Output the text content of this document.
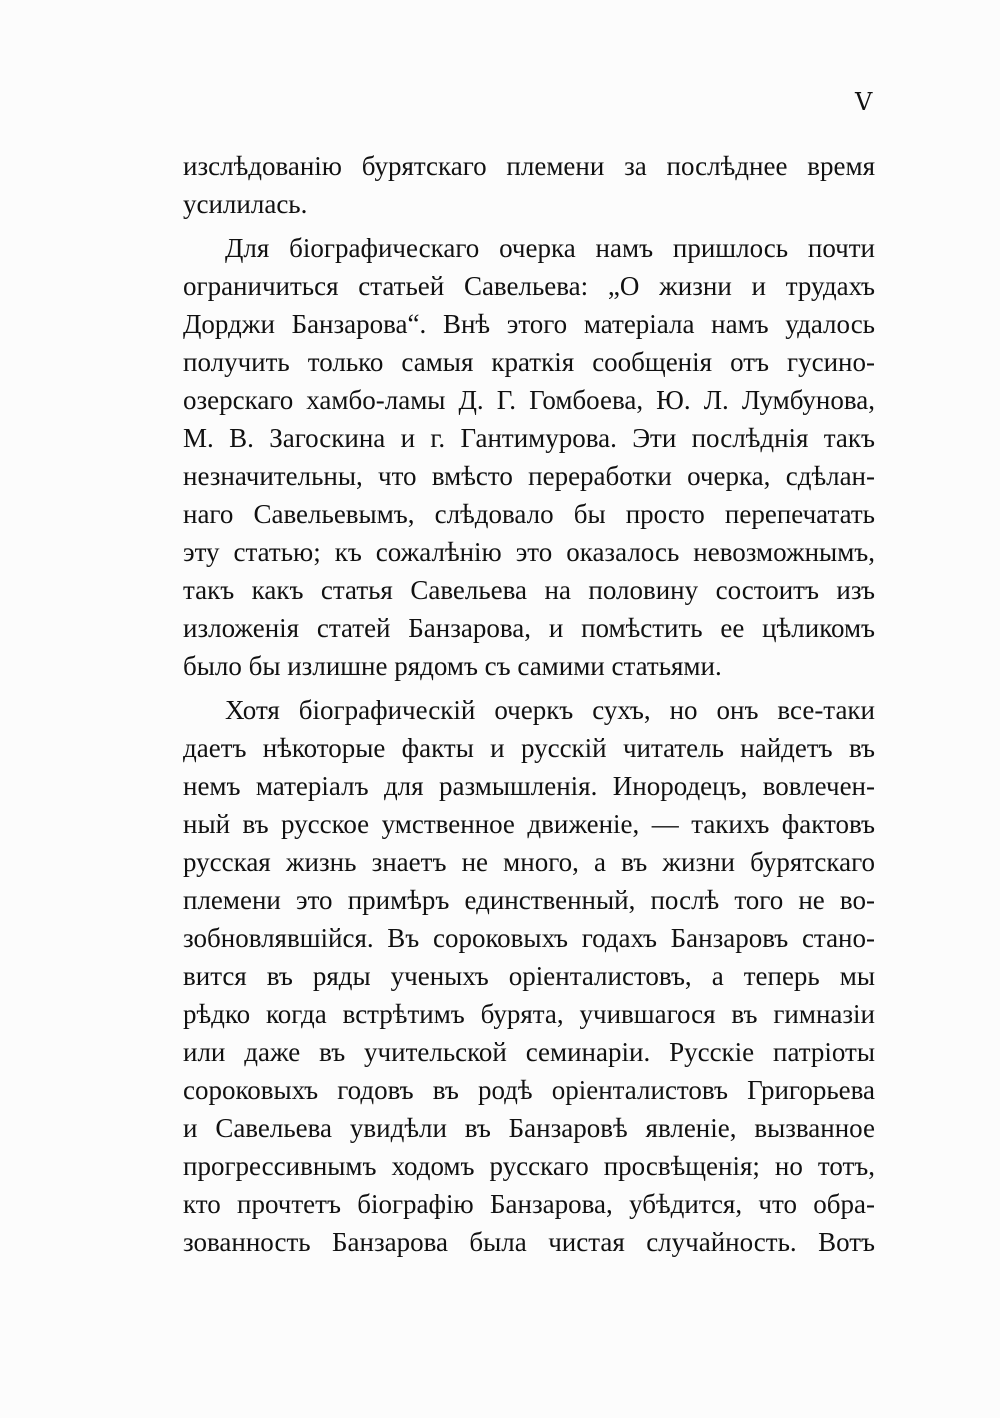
V
изслѣдованію бурятскаго племени за послѣднее время
усилилась.
Для біографическаго очерка намъ пришлось почти
ограничиться статьей Савельева: „О жизни и трудахъ
Дорджи Банзарова“. Внѣ этого матеріала намъ удалось
получить только самыя краткія сообщенія отъ гусино-
озерскаго хамбо-ламы Д. Г. Гомбоева, Ю. Л. Лумбунова,
М. В. Загоскина и г. Гантимурова. Эти послѣднія такъ
незначительны, что вмѣсто переработки очерка, сдѣлан-
наго Савельевымъ, слѣдовало бы просто перепечатать
эту статью; къ сожалѣнію это оказалось невозможнымъ,
такъ какъ статья Савельева на половину состоитъ изъ
изложенія статей Банзарова, и помѣстить ее цѣликомъ
было бы излишне рядомъ съ самими статьями.
Хотя біографическій очеркъ сухъ, но онъ все-таки
даетъ нѣкоторые факты и русскій читатель найдетъ въ
немъ матеріалъ для размышленія. Инородецъ, вовлечен-
ный въ русское умственное движеніе, — такихъ фактовъ
русская жизнь знаетъ не много, а въ жизни бурятскаго
племени это примѣръ единственный, послѣ того не во-
зобновлявшійся. Въ сороковыхъ годахъ Банзаровъ стано-
вится въ ряды ученыхъ оріенталистовъ, а теперь мы
рѣдко когда встрѣтимъ бурята, учившагося въ гимназіи
или даже въ учительской семинаріи. Русскіе патріоты
сороковыхъ годовъ въ родѣ оріенталистовъ Григорьева
и Савельева увидѣли въ Банзаровѣ явленіе, вызванное
прогрессивнымъ ходомъ русскаго просвѣщенія; но тотъ,
кто прочтетъ біографію Банзарова, убѣдится, что обра-
зованность Банзарова была чистая случайность. Вотъ
